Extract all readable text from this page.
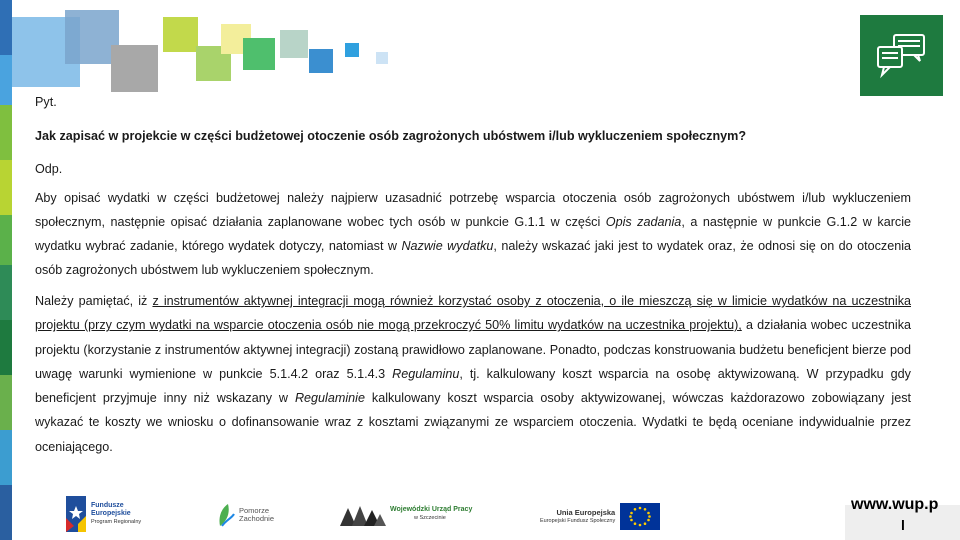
Pyt.
Jak zapisać w projekcie w części budżetowej otoczenie osób zagrożonych ubóstwem i/lub wykluczeniem społecznym?
Odp.
Aby opisać wydatki w części budżetowej należy najpierw uzasadnić potrzebę wsparcia otoczenia osób zagrożonych ubóstwem i/lub wykluczeniem społecznym, następnie opisać działania zaplanowane wobec tych osób w punkcie G.1.1 w części Opis zadania, a następnie w punkcie G.1.2 w karcie wydatku wybrać zadanie, którego wydatek dotyczy, natomiast w Nazwie wydatku, należy wskazać jaki jest to wydatek oraz, że odnosi się on do otoczenia osób zagrożonych ubóstwem lub wykluczeniem społecznym.
Należy pamiętać, iż z instrumentów aktywnej integracji mogą również korzystać osoby z otoczenia, o ile mieszczą się w limicie wydatków na uczestnika projektu (przy czym wydatki na wsparcie otoczenia osób nie mogą przekroczyć 50% limitu wydatków na uczestnika projektu), a działania wobec uczestnika projektu (korzystanie z instrumentów aktywnej integracji) zostaną prawidłowo zaplanowane. Ponadto, podczas konstruowania budżetu beneficjent bierze pod uwagę warunki wymienione w punkcie 5.1.4.2 oraz 5.1.4.3 Regulaminu, tj. kalkulowany koszt wsparcia na osobę aktywizowaną. W przypadku gdy beneficjent przyjmuje inny niż wskazany w Regulaminie kalkulowany koszt wsparcia osoby aktywizowanej, wówczas każdorazowo zobowiązany jest wykazać te koszty we wniosku o dofinansowanie wraz z kosztami związanymi ze wsparciem otoczenia. Wydatki te będą oceniane indywidualnie przez oceniającego.
Fundusze
Europejskie
Program Regionalny
Pomorze
Zachodnie
Wojewódzki Urząd Pracy
w Szczecinie
Unia Europejska
Europejski Fundusz Społeczny
www.wup.p
l
